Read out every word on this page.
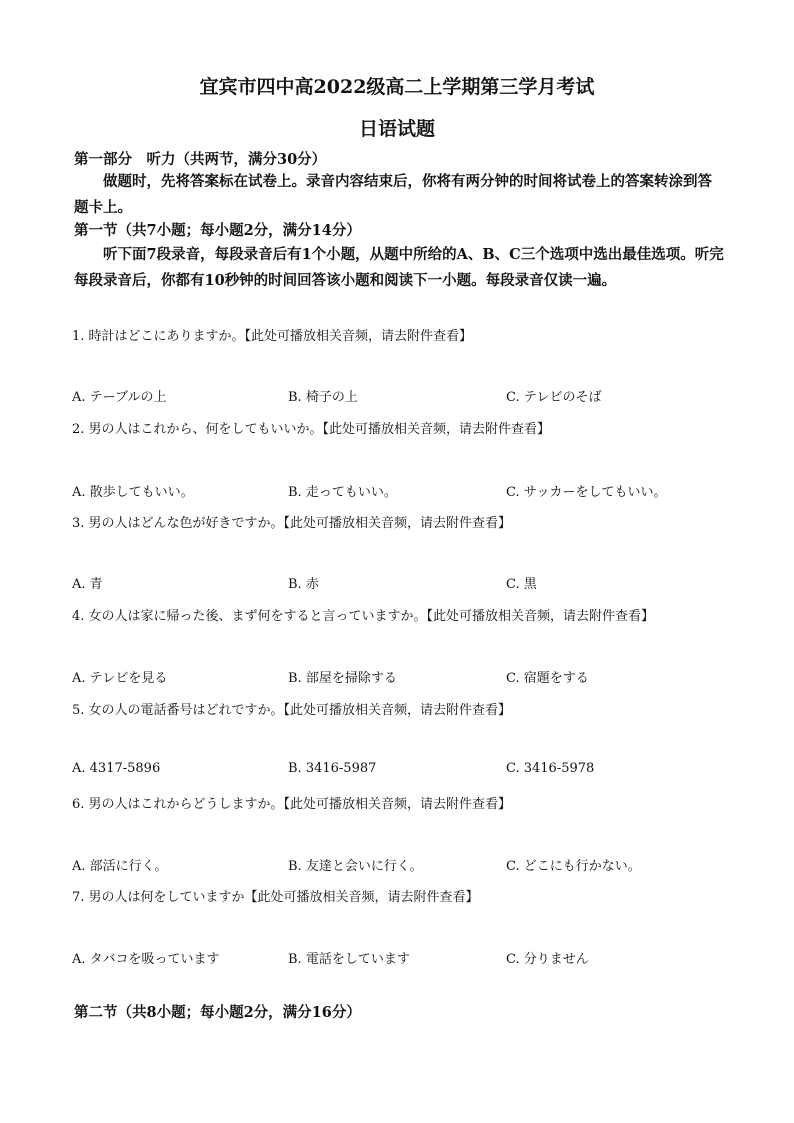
宜宾市四中高2022级高二上学期第三学月考试
日语试题
第一部分　听力（共两节，满分30分）
做题时，先将答案标在试卷上。录音内容结束后，你将有两分钟的时间将试卷上的答案转涂到答题卡上。
第一节（共7小题；每小题2分，满分14分）
听下面7段录音，每段录音后有1个小题，从题中所给的A、B、C三个选项中选出最佳选项。听完每段录音后，你都有10秒钟的时间回答该小题和阅读下一小题。每段录音仅读一遍。
1. 時計はどこにありますか。【此处可播放相关音频，请去附件查看】
A. テーブルの上	B. 椅子の上	C. テレビのそば
2. 男の人はこれから、何をしてもいいか。【此处可播放相关音频，请去附件查看】
A. 散歩してもいい。	B. 走ってもいい。	C. サッカーをしてもいい。
3. 男の人はどんな色が好きですか。【此处可播放相关音频，请去附件查看】
A. 青	B. 赤	C. 黒
4. 女の人は家に帰った後、まず何をすると言っていますか。【此处可播放相关音频，请去附件查看】
A. テレビを見る	B. 部屋を掃除する	C. 宿題をする
5. 女の人の電話番号はどれですか。【此处可播放相关音频，请去附件查看】
A. 4317-5896	B. 3416-5987	C. 3416-5978
6. 男の人はこれからどうしますか。【此处可播放相关音频，请去附件查看】
A. 部活に行く。	B. 友達と会いに行く。	C. どこにも行かない。
7. 男の人は何をしていますか【此处可播放相关音频，请去附件查看】
A. タバコを吸っています	B. 電話をしています	C. 分りません
第二节（共8小题；每小题2分，满分16分）
